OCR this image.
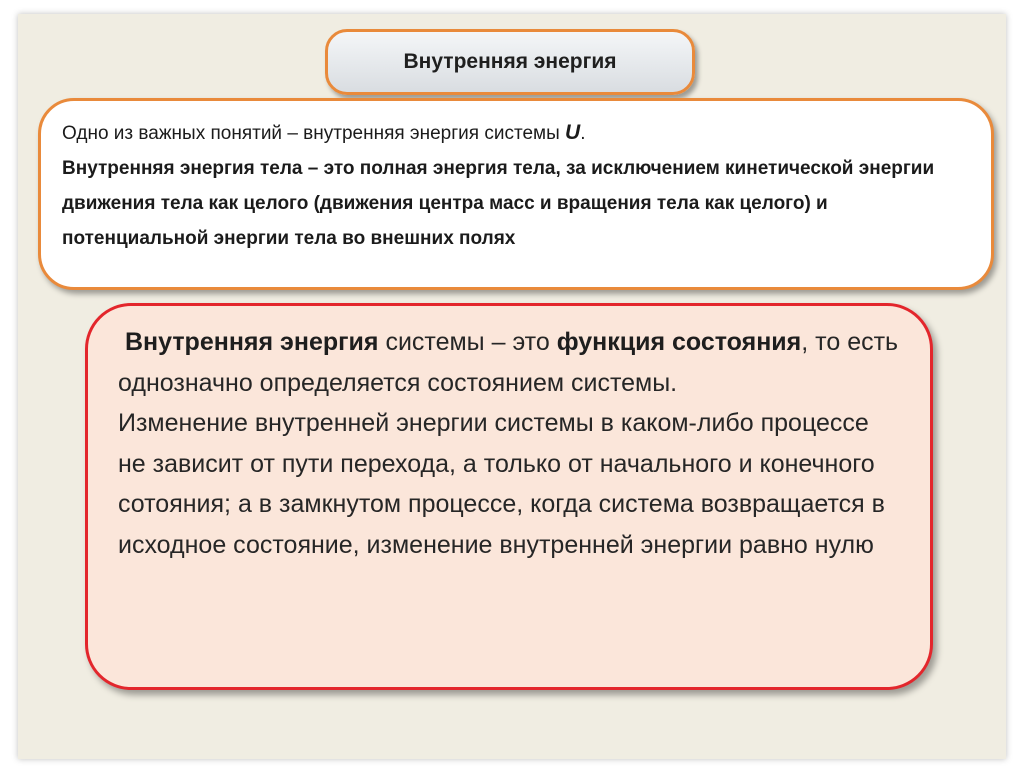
Внутренняя энергия
Одно из важных понятий – внутренняя энергия системы U.
Внутренняя энергия тела – это полная энергия тела, за исключением кинетической энергии движения тела как целого (движения центра масс и вращения тела как целого) и потенциальной энергии тела во внешних полях
Внутренняя энергия системы – это функция состояния, то есть однозначно определяется состоянием системы.
Изменение внутренней энергии системы в каком-либо процессе не зависит от пути перехода, а только от начального и конечного сотояния; а в замкнутом процессе, когда система возвращается в исходное состояние, изменение внутренней энергии равно нулю
